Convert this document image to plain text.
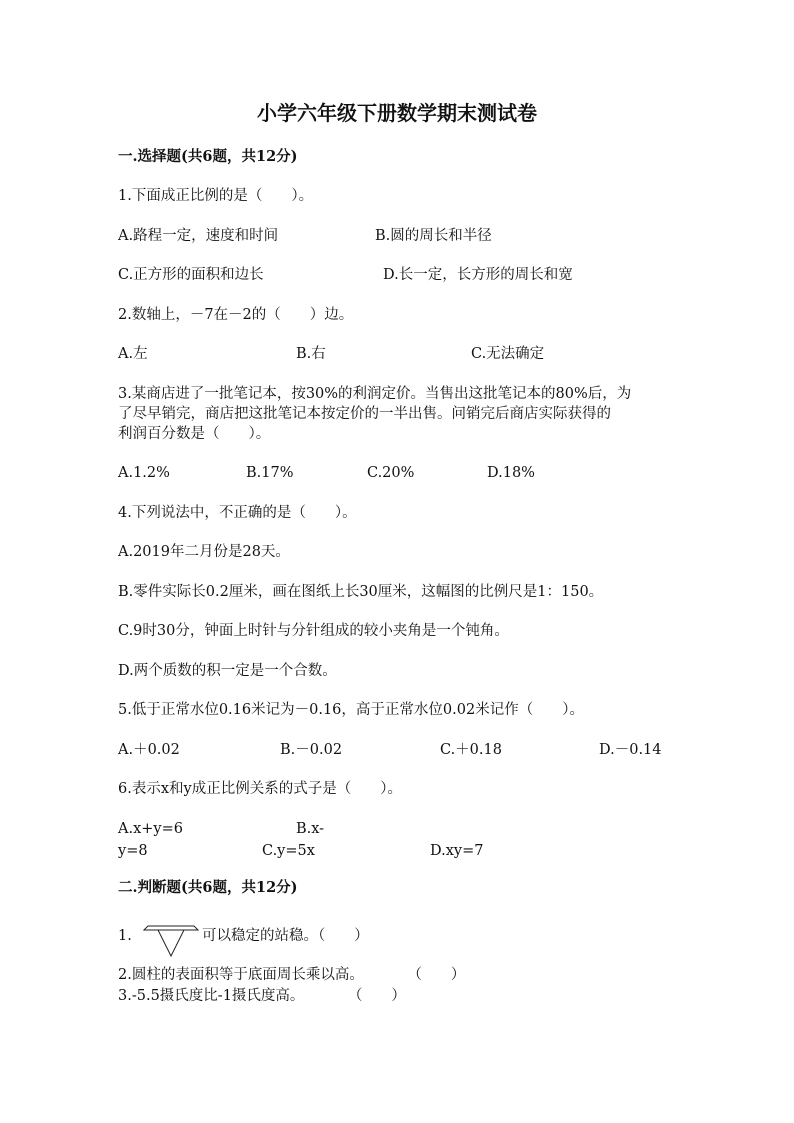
小学六年级下册数学期末测试卷
一.选择题(共6题，共12分)
1.下面成正比例的是（　　）。
A.路程一定，速度和时间	B.圆的周长和半径
C.正方形的面积和边长	D.长一定，长方形的周长和宽
2.数轴上，－7在－2的（　　）边。
A.左	B.右	C.无法确定
3.某商店进了一批笔记本，按30%的利润定价。当售出这批笔记本的80%后，为
了尽早销完，商店把这批笔记本按定价的一半出售。问销完后商店实际获得的
利润百分数是（　　）。
A.1.2%	B.17%	C.20%	D.18%
4.下列说法中，不正确的是（　　）。
A.2019年二月份是28天。
B.零件实际长0.2厘米，画在图纸上长30厘米，这幅图的比例尺是1：150。
C.9时30分，钟面上时针与分针组成的较小夹角是一个钝角。
D.两个质数的积一定是一个合数。
5.低于正常水位0.16米记为－0.16，高于正常水位0.02米记作（　　）。
A.＋0.02	B.－0.02	C.＋0.18	D.－0.14
6.表示x和y成正比例关系的式子是（　　）。
A.x+y=6	B.x-
y=8	C.y=5x	D.xy=7
二.判断题(共6题，共12分)
1.	可以稳定的站稳。（　　）
2.圆柱的表面积等于底面周长乘以高。　　　　（　　）
3.-5.5摄氏度比-1摄氏度高。　　　　（　　）
